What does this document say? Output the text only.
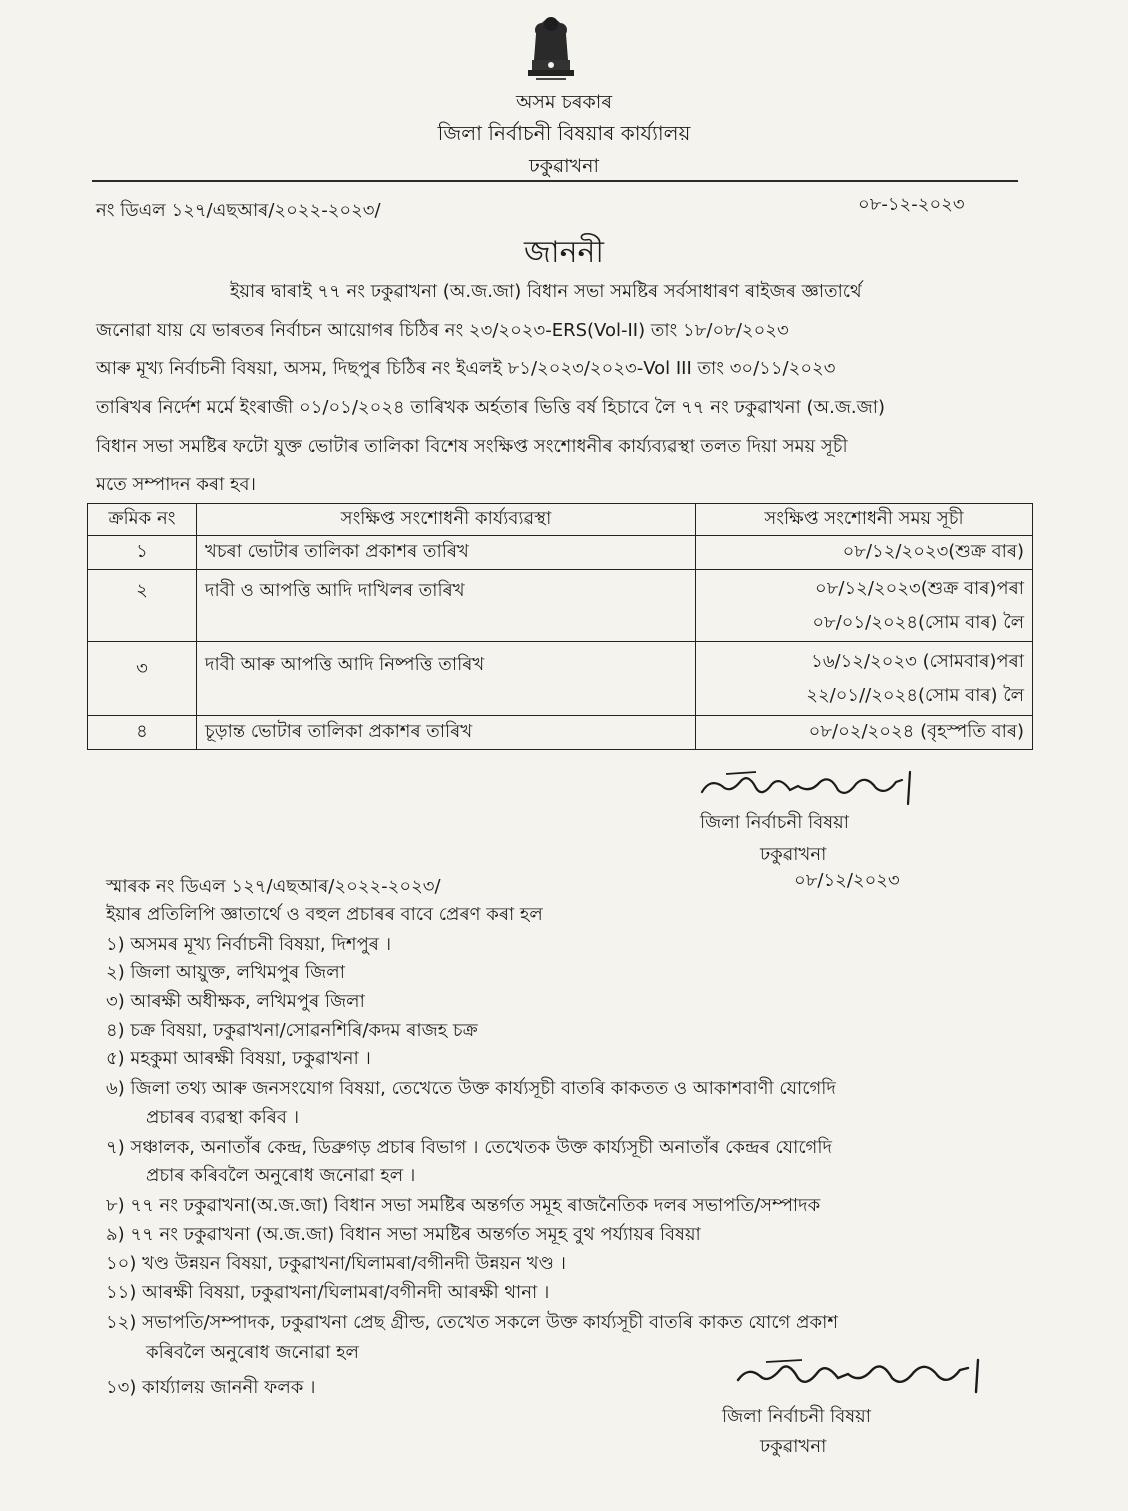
অসম চৰকাৰ
জিলা নিৰ্বাচনী বিষয়াৰ কাৰ্য্যালয়
ঢকুৱাখনা
নং ডিএল ১২৭/এছআৰ/২০২২-২০২৩/	০৮-১২-২০২৩
জাননী
ইয়াৰ দ্বাৰাই ৭৭ নং ঢকুৱাখনা (অ.জ.জা) বিধান সভা সমষ্টিৰ সৰ্বসাধাৰণ ৰাইজৰ জ্ঞাতাৰ্থে
জনোৱা যায় যে ভাৰতৰ নিৰ্বাচন আয়োগৰ চিঠিৰ নং ২৩/২০২৩-ERS(Vol-II) তাং ১৮/০৮/২০২৩
আৰু মূখ্য নিৰ্বাচনী বিষয়া, অসম, দিছপুৰ চিঠিৰ নং ইএলই ৮১/২০২৩/২০২৩-Vol III তাং ৩০/১১/২০২৩
তাৰিখৰ নিৰ্দেশ মৰ্মে ইংৰাজী ০১/০১/২০২৪ তাৰিখক অৰ্হতাৰ ভিত্তি বৰ্ষ হিচাবে লৈ ৭৭ নং ঢকুৱাখনা (অ.জ.জা)
বিধান সভা সমষ্টিৰ ফটো যুক্ত ভোটাৰ তালিকা বিশেষ সংক্ষিপ্ত সংশোধনীৰ কাৰ্য্যব্যৱস্থা তলত দিয়া সময় সূচী
মতে সম্পাদন কৰা হব।
ক্ৰমিক নং	সংক্ষিপ্ত সংশোধনী কাৰ্য্যব্যৱস্থা	সংক্ষিপ্ত সংশোধনী সময় সূচী
১	খচৰা ভোটাৰ তালিকা প্ৰকাশৰ তাৰিখ	০৮/১২/২০২৩(শুক্ৰ বাৰ)
২	দাবী ও আপত্তি আদি দাখিলৰ তাৰিখ	০৮/১২/২০২৩(শুক্ৰ বাৰ)পৰা
০৮/০১/২০২৪(সোম বাৰ) লৈ

৩	দাবী আৰু আপত্তি আদি নিষ্পত্তি তাৰিখ	১৬/১২/২০২৩ (সোমবাৰ)পৰা
২২/০১//২০২৪(সোম বাৰ) লৈ

৪	চূড়ান্ত ভোটাৰ তালিকা প্ৰকাশৰ তাৰিখ	০৮/০২/২০২৪ (বৃহস্পতি বাৰ)
জিলা নিৰ্বাচনী বিষয়া
ঢকুৱাখনা
স্মাৰক নং ডিএল ১২৭/এছআৰ/২০২২-২০২৩/	০৮/১২/২০২৩
ইয়াৰ প্ৰতিলিপি জ্ঞাতাৰ্থে ও বহুল প্ৰচাৰৰ বাবে প্ৰেৰণ কৰা হল
১) অসমৰ মূখ্য নিৰ্বাচনী বিষয়া, দিশপুৰ ।
২) জিলা আয়ুক্ত, লখিমপুৰ জিলা
৩) আৰক্ষী অধীক্ষক, লখিমপুৰ জিলা
৪) চক্ৰ বিষয়া, ঢকুৱাখনা/সোৱনশিৰি/কদম ৰাজহ চক্ৰ
৫) মহকুমা আৰক্ষী বিষয়া, ঢকুৱাখনা ।
৬) জিলা তথ্য আৰু জনসংযোগ বিষয়া, তেখেতে উক্ত কাৰ্য্যসূচী বাতৰি কাকতত ও আকাশবাণী যোগেদি
প্ৰচাৰৰ ব্যৱস্থা কৰিব ।
৭) সঞ্চালক, অনাতাঁৰ কেন্দ্ৰ, ডিব্ৰুগড় প্ৰচাৰ বিভাগ । তেখেতক উক্ত কাৰ্য্যসূচী অনাতাঁৰ কেন্দ্ৰৰ যোগেদি
প্ৰচাৰ কৰিবলৈ অনুৰোধ জনোৱা হল ।
৮) ৭৭ নং ঢকুৱাখনা(অ.জ.জা) বিধান সভা সমষ্টিৰ অন্তৰ্গত সমূহ ৰাজনৈতিক দলৰ সভাপতি/সম্পাদক
৯) ৭৭ নং ঢকুৱাখনা (অ.জ.জা) বিধান সভা সমষ্টিৰ অন্তৰ্গত সমূহ বুথ পৰ্য্যায়ৰ বিষয়া
১০) খণ্ড উন্নয়ন বিষয়া, ঢকুৱাখনা/ঘিলামৰা/বগীনদী উন্নয়ন খণ্ড ।
১১) আৰক্ষী বিষয়া, ঢকুৱাখনা/ঘিলামৰা/বগীনদী আৰক্ষী থানা ।
১২) সভাপতি/সম্পাদক, ঢকুৱাখনা প্ৰেছ গ্ৰীল্ড, তেখেত সকলে উক্ত কাৰ্য্যসূচী বাতৰি কাকত যোগে প্ৰকাশ
কৰিবলৈ অনুৰোধ জনোৱা হল
১৩) কাৰ্য্যালয় জাননী ফলক ।
জিলা নিৰ্বাচনী বিষয়া
ঢকুৱাখনা
